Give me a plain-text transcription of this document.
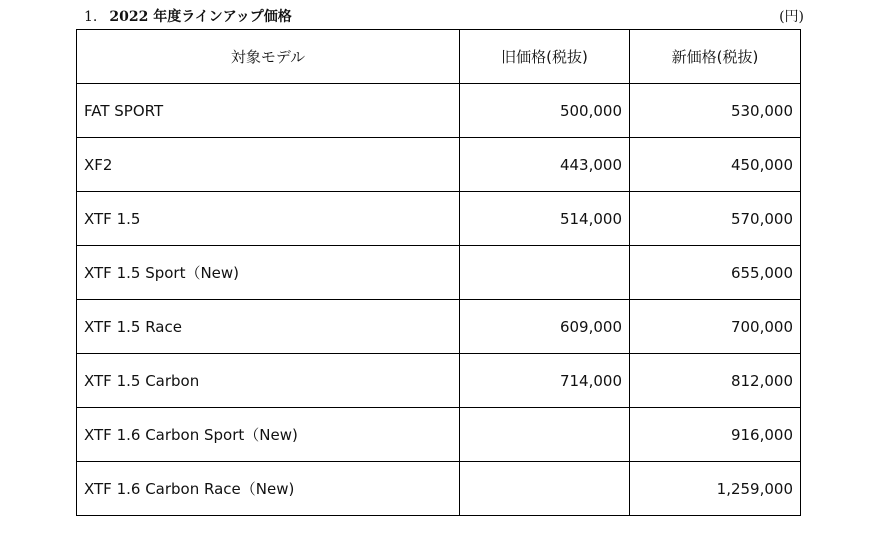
1. 2022 年度ラインアップ価格	(円)
対象モデル	旧価格(税抜)	新価格(税抜)
FAT SPORT	500,000	530,000
XF2	443,000	450,000
XTF 1.5	514,000	570,000
XTF 1.5 Sport（New)		655,000
XTF 1.5 Race	609,000	700,000
XTF 1.5 Carbon	714,000	812,000
XTF 1.6 Carbon Sport（New)		916,000
XTF 1.6 Carbon Race（New)		1,259,000
